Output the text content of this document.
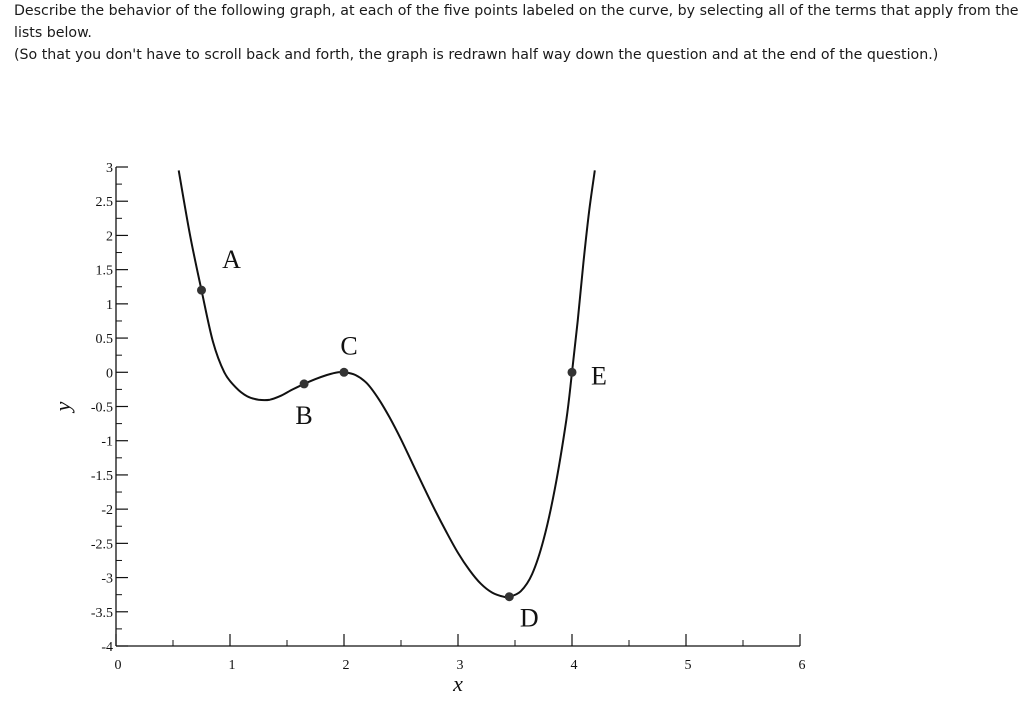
Describe the behavior of the following graph, at each of the five points labeled on the curve, by selecting all of the terms that apply from the lists below.

(So that you don't have to scroll back and forth, the graph is redrawn half way down the question and at the end of the question.)

-4
-3.5
-3
-2.5
-2
-1.5
-1
-0.5
0
0.5
1
1.5
2
2.5
3
0	1	2	3	4	5	6
x
y
A
B
C
D
E
